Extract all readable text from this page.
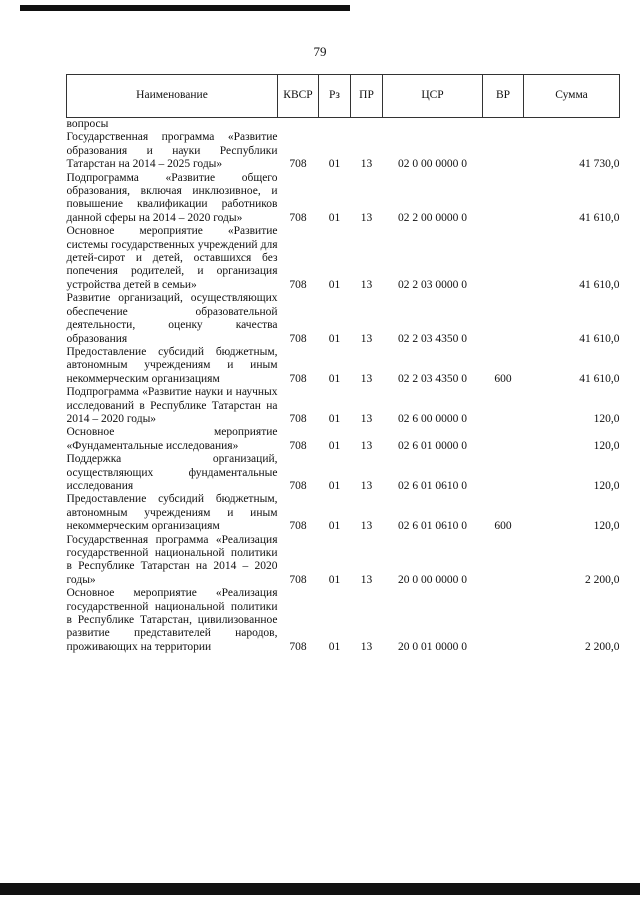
79
Наименование	КВСР	Рз	ПР	ЦСР	ВР	Сумма
вопросы						
Государственная программа «Развитие образования и науки Республики Татарстан на 2014 – 2025 годы»	708	01	13	02 0 00 0000 0		41 730,0
Подпрограмма «Развитие общего образования, включая инклюзивное, и повышение квалификации работников данной сферы на 2014 – 2020 годы»	708	01	13	02 2 00 0000 0		41 610,0
Основное мероприятие «Развитие системы государственных учреждений для детей-сирот и детей, оставшихся без попечения родителей, и организация устройства детей в семьи»	708	01	13	02 2 03 0000 0		41 610,0
Развитие организаций, осуществляющих обеспечение образовательной деятельности, оценку качества образования	708	01	13	02 2 03 4350 0		41 610,0
Предоставление субсидий бюджетным, автономным учреждениям и иным некоммерческим организациям	708	01	13	02 2 03 4350 0	600	41 610,0
Подпрограмма «Развитие науки и научных исследований в Республике Татарстан на 2014 – 2020 годы»	708	01	13	02 6 00 0000 0		120,0
Основное мероприятие «Фундаментальные исследования»	708	01	13	02 6 01 0000 0		120,0
Поддержка организаций, осуществляющих фундаментальные исследования	708	01	13	02 6 01 0610 0		120,0
Предоставление субсидий бюджетным, автономным учреждениям и иным некоммерческим организациям	708	01	13	02 6 01 0610 0	600	120,0
Государственная программа «Реализация государственной национальной политики в Республике Татарстан на 2014 – 2020 годы»	708	01	13	20 0 00 0000 0		2 200,0
Основное мероприятие «Реализация государственной национальной политики в Республике Татарстан, цивилизованное развитие представителей народов, проживающих на территории	708	01	13	20 0 01 0000 0		2 200,0
